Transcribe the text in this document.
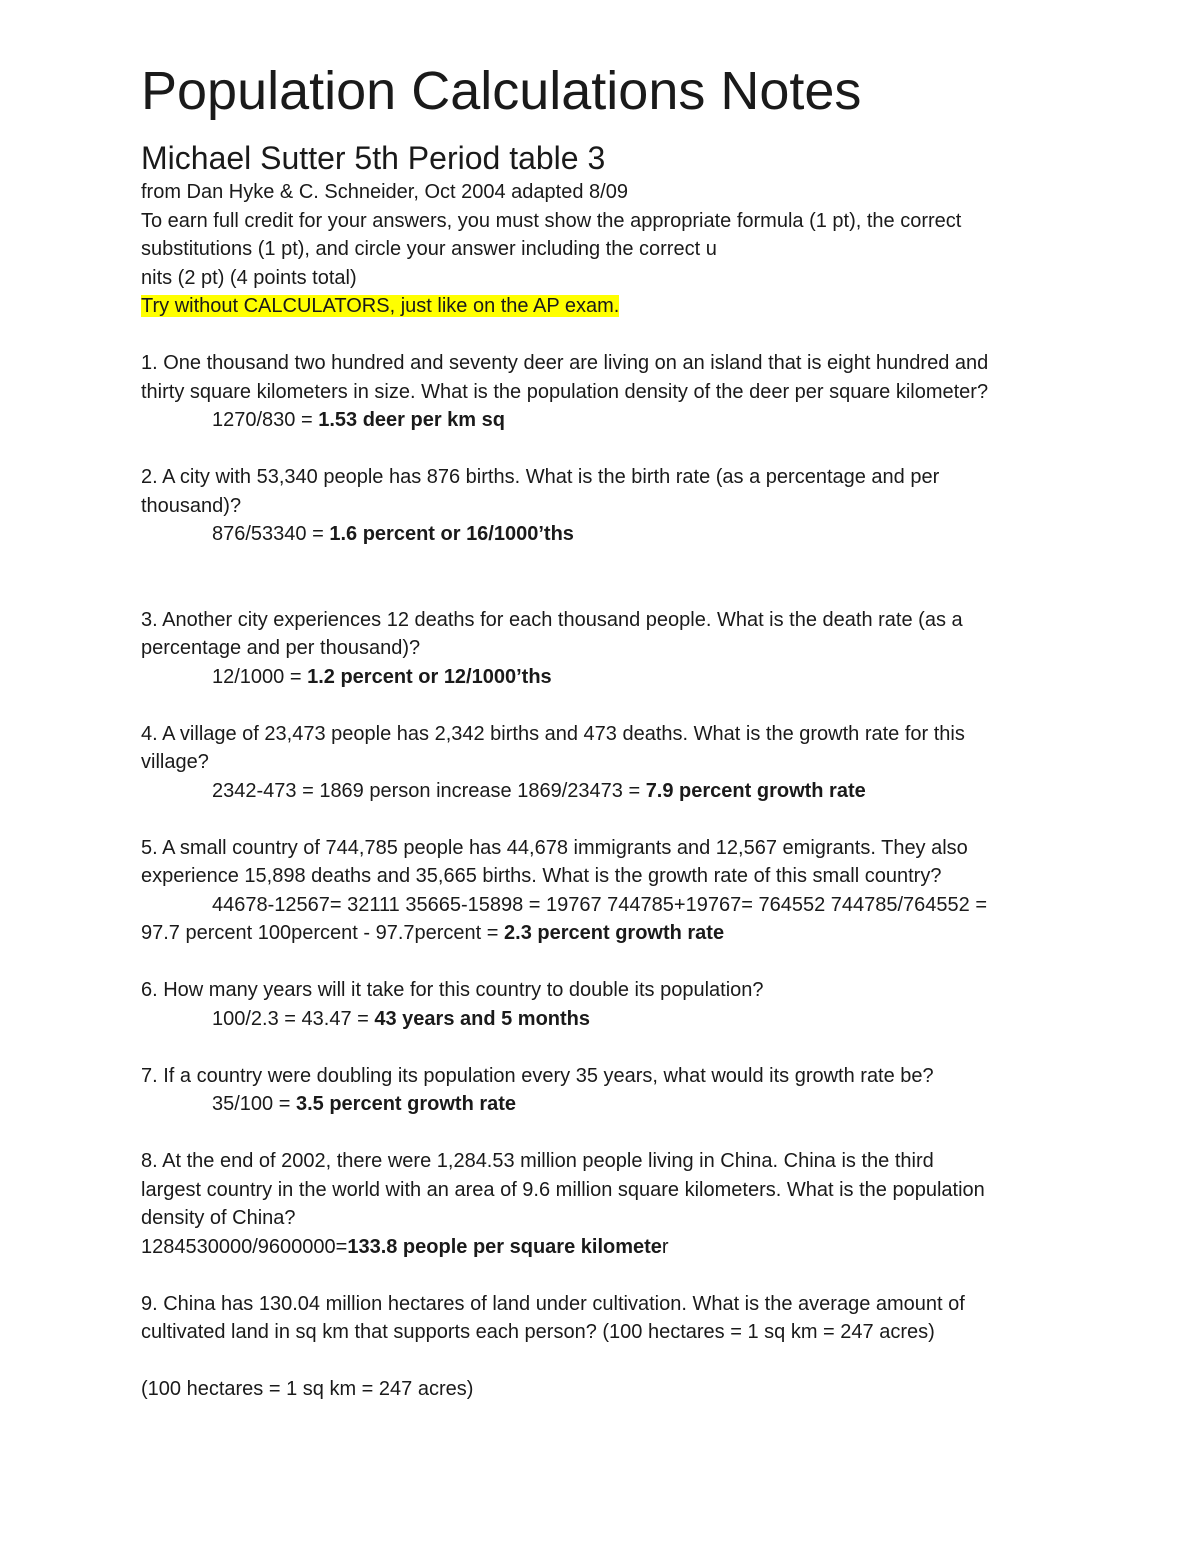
Population Calculations Notes
Michael Sutter 5th Period table 3
from Dan Hyke & C. Schneider, Oct 2004 adapted 8/09
To earn full credit for your answers, you must show the appropriate formula (1 pt), the correct
substitutions (1 pt), and circle your answer including the correct u
nits (2 pt) (4 points total)
Try without CALCULATORS, just like on the AP exam.
1. One thousand two hundred and seventy deer are living on an island that is eight hundred and
thirty square kilometers in size. What is the population density of the deer per square kilometer?
1270/830 = 1.53 deer per km sq
2. A city with 53,340 people has 876 births. What is the birth rate (as a percentage and per
thousand)?
876/53340 = 1.6 percent or 16/1000’ths
3. Another city experiences 12 deaths for each thousand people. What is the death rate (as a
percentage and per thousand)?
12/1000 = 1.2 percent or 12/1000’ths
4. A village of 23,473 people has 2,342 births and 473 deaths. What is the growth rate for this
village?
2342-473 = 1869 person increase 1869/23473 = 7.9 percent growth rate
5. A small country of 744,785 people has 44,678 immigrants and 12,567 emigrants. They also
experience 15,898 deaths and 35,665 births. What is the growth rate of this small country?
44678-12567= 32111 35665-15898 = 19767 744785+19767= 764552 744785/764552 =
97.7 percent 100percent - 97.7percent = 2.3 percent growth rate
6. How many years will it take for this country to double its population?
100/2.3 = 43.47 = 43 years and 5 months
7. If a country were doubling its population every 35 years, what would its growth rate be?
35/100 = 3.5 percent growth rate
8. At the end of 2002, there were 1,284.53 million people living in China. China is the third
largest country in the world with an area of 9.6 million square kilometers. What is the population
density of China?
1284530000/9600000=133.8 people per square kilometer
9. China has 130.04 million hectares of land under cultivation. What is the average amount of
cultivated land in sq km that supports each person? (100 hectares = 1 sq km = 247 acres)
(100 hectares = 1 sq km = 247 acres)
